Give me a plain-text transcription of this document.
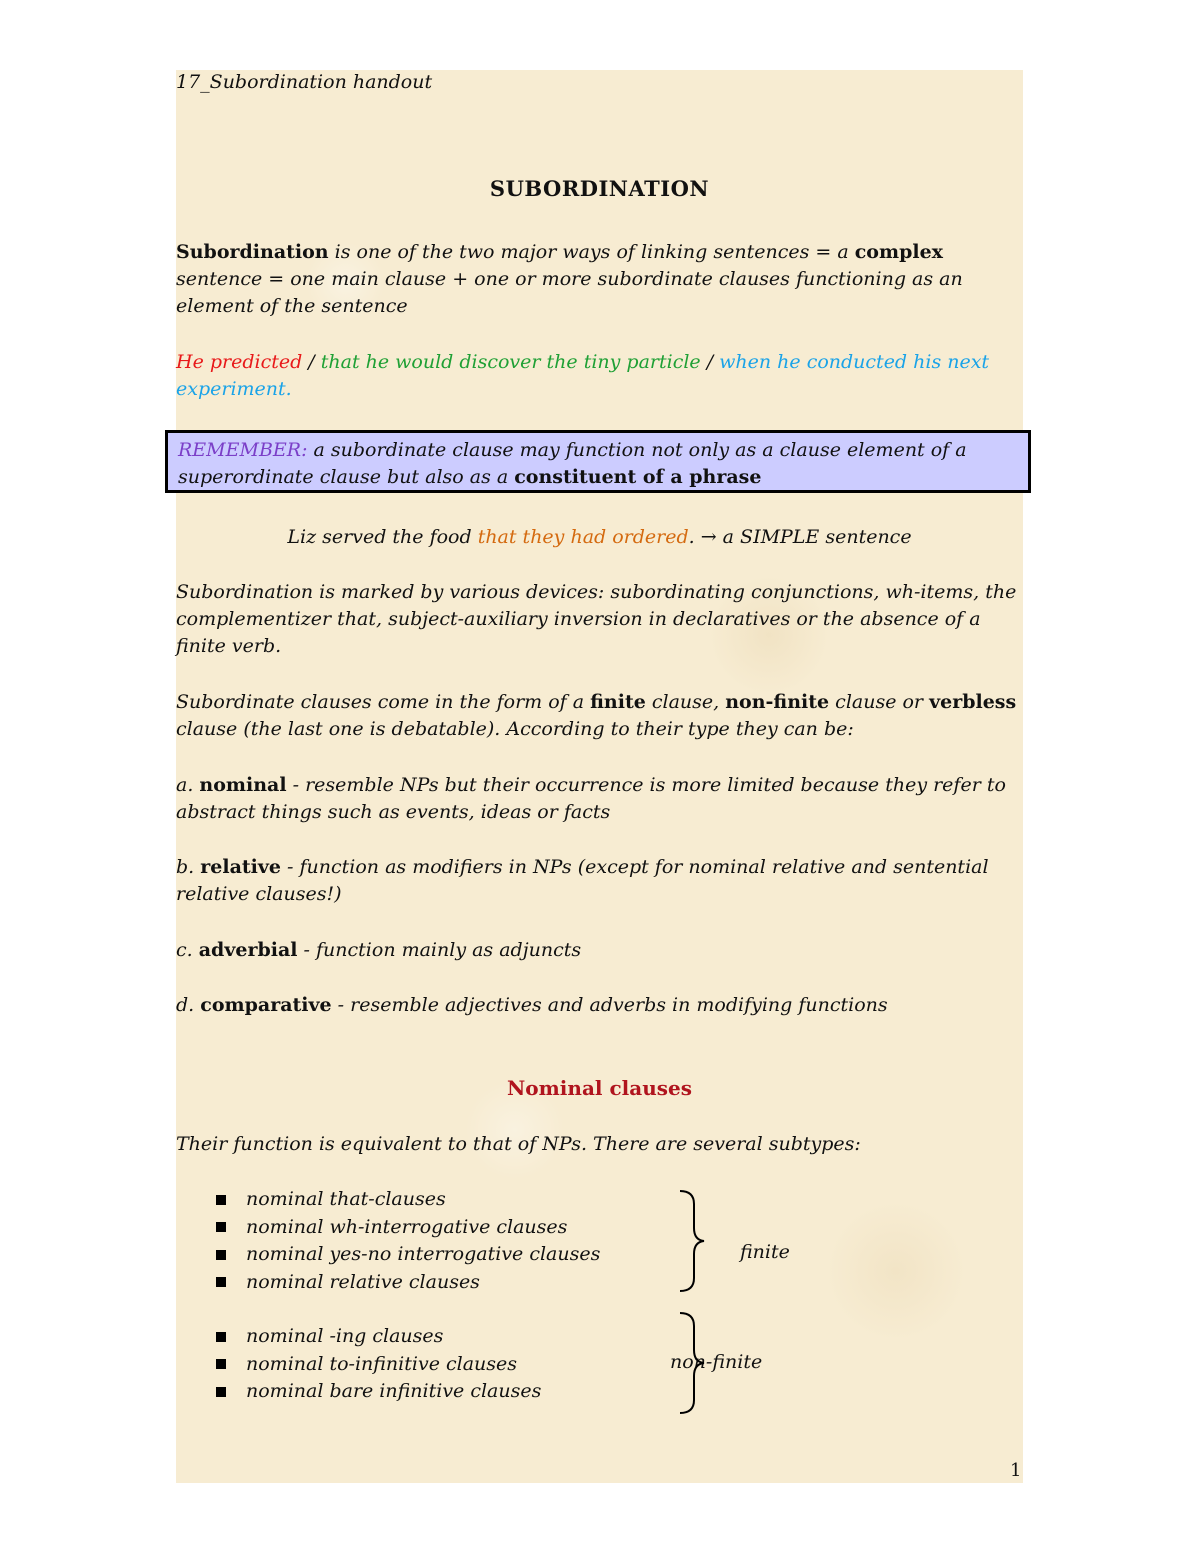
17_Subordination handout
SUBORDINATION
Subordination is one of the two major ways of linking sentences = a complex
sentence = one main clause + one or more subordinate clauses functioning as an
element of the sentence
He predicted / that he would discover the tiny particle / when he conducted his next
experiment.
REMEMBER: a subordinate clause may function not only as a clause element of a
superordinate clause but also as a constituent of a phrase
Liz served the food that they had ordered. → a SIMPLE sentence
Subordination is marked by various devices: subordinating conjunctions, wh-items, the
complementizer that, subject-auxiliary inversion in declaratives or the absence of a
finite verb.
Subordinate clauses come in the form of a finite clause, non-finite clause or verbless
clause (the last one is debatable). According to their type they can be:
a. nominal - resemble NPs but their occurrence is more limited because they refer to
abstract things such as events, ideas or facts
b. relative - function as modifiers in NPs (except for nominal relative and sentential
relative clauses!)
c. adverbial - function mainly as adjuncts
d. comparative - resemble adjectives and adverbs in modifying functions
Nominal clauses
Their function is equivalent to that of NPs. There are several subtypes:
nominal that-clauses
nominal wh-interrogative clauses
nominal yes-no interrogative clauses
nominal relative clauses
finite
nominal -ing clauses
nominal to-infinitive clauses
nominal bare infinitive clauses
non-finite
1
